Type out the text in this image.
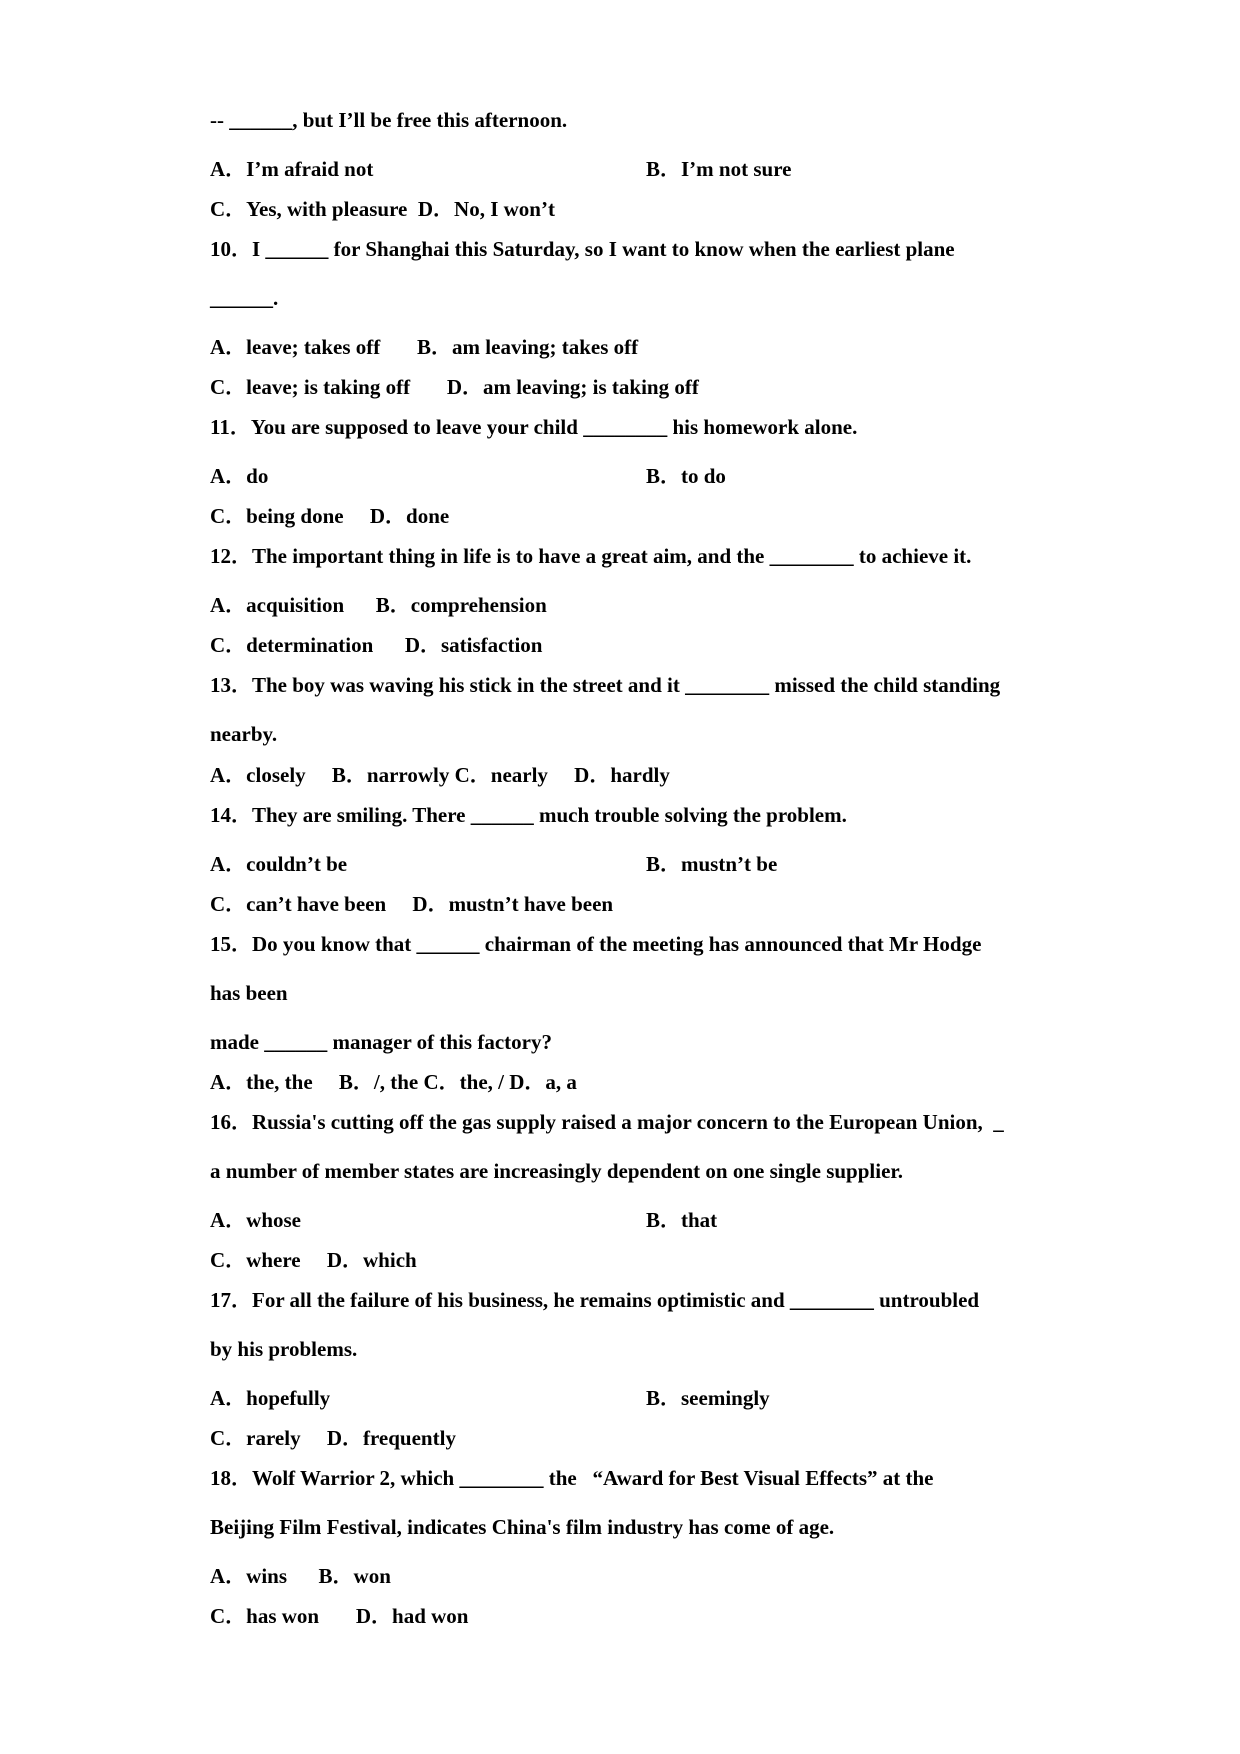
-- ______, but I’ll be free this afternoon.
A．I’m afraid not	B．I’m not sure
C．Yes, with pleasure  D．No, I won’t
10．I ______ for Shanghai this Saturday, so I want to know when the earliest plane
______.
A．leave; takes off       B．am leaving; takes off
C．leave; is taking off       D．am leaving; is taking off
11．You are supposed to leave your child ________ his homework alone.
A．do	B．to do
C．being done     D．done
12．The important thing in life is to have a great aim, and the ________ to achieve it.
A．acquisition      B．comprehension
C．determination      D．satisfaction
13．The boy was waving his stick in the street and it ________ missed the child standing
nearby.
A．closely     B．narrowly C．nearly     D．hardly
14．They are smiling. There ______ much trouble solving the problem.
A．couldn’t be	B．mustn’t be
C．can’t have been     D．mustn’t have been
15．Do you know that ______ chairman of the meeting has announced that Mr Hodge
has been
made ______ manager of this factory?
A．the, the     B．/, the C．the, / D．a, a
16．Russia's cutting off the gas supply raised a major concern to the European Union,  _
a number of member states are increasingly dependent on one single supplier.
A．whose	B．that
C．where     D．which
17．For all the failure of his business, he remains optimistic and ________ untroubled
by his problems.
A．hopefully	B．seemingly
C．rarely     D．frequently
18．Wolf Warrior 2, which ________ the   “Award for Best Visual Effects” at the
Beijing Film Festival, indicates China's film industry has come of age.
A．wins      B．won
C．has won       D．had won
